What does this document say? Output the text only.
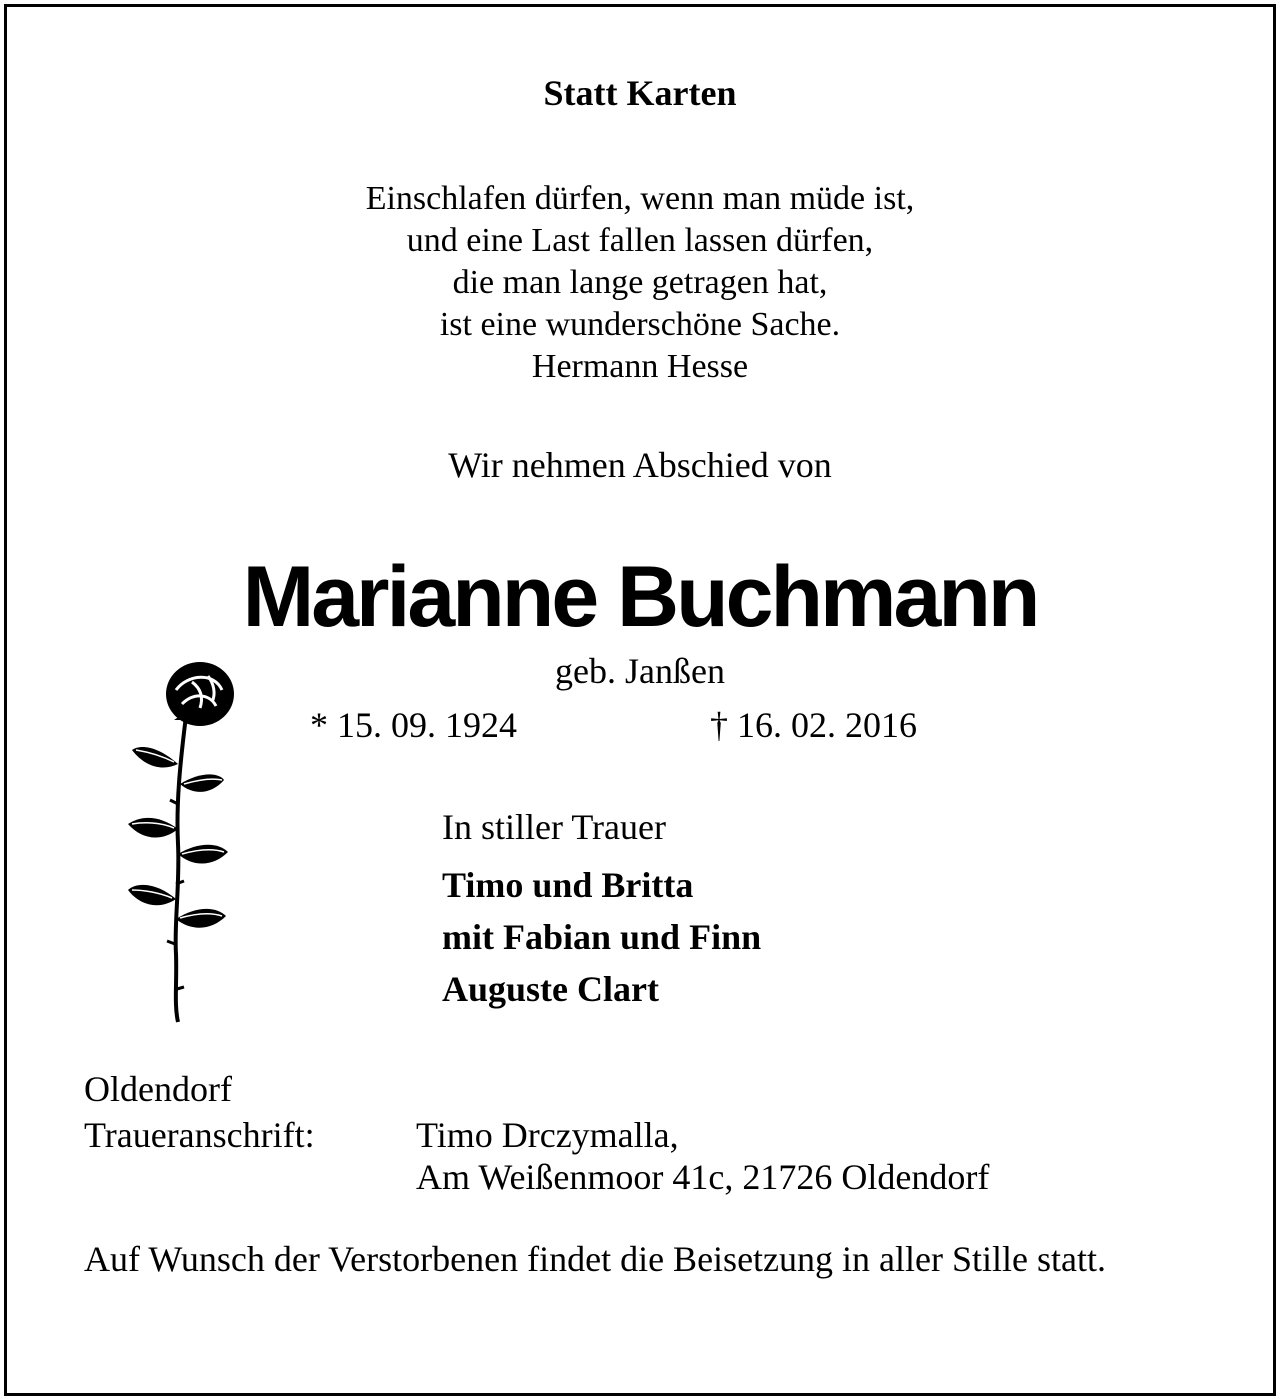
Statt Karten
Einschlafen dürfen, wenn man müde ist,
und eine Last fallen lassen dürfen,
die man lange getragen hat,
ist eine wunderschöne Sache.
Hermann Hesse
Wir nehmen Abschied von
Marianne Buchmann
geb. Janßen
* 15. 09. 1924	† 16. 02. 2016
In stiller Trauer
Timo und Britta
mit Fabian und Finn
Auguste Clart
Oldendorf
Traueranschrift:	Timo Drczymalla,
Am Weißenmoor 41c, 21726 Oldendorf
Auf Wunsch der Verstorbenen findet die Beisetzung in aller Stille statt.
